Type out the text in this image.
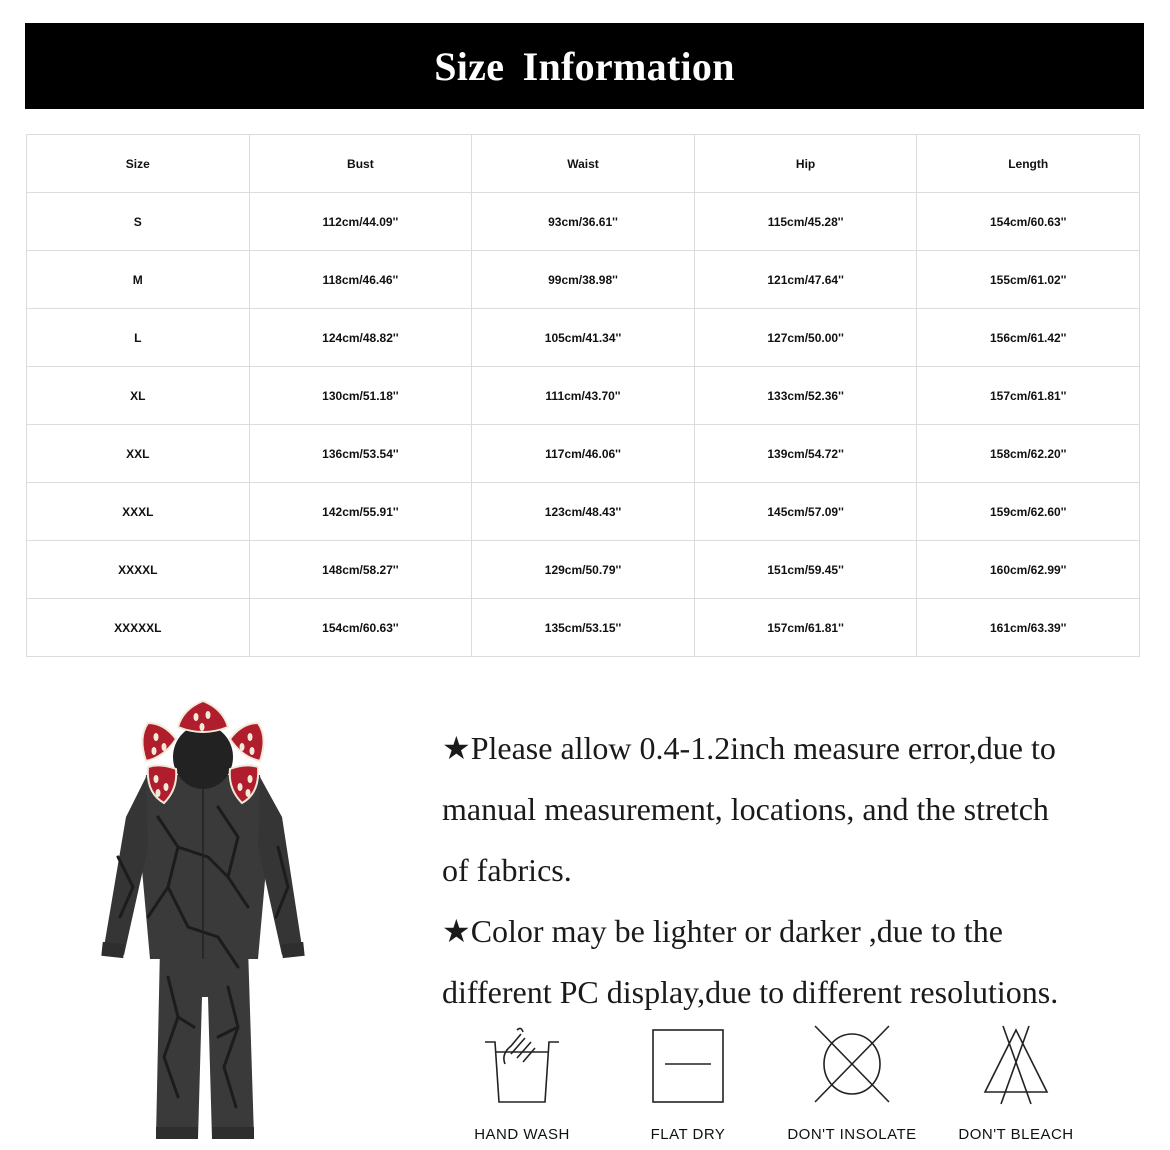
Size Information
Size	Bust	Waist	Hip	Length
S	112cm/44.09''	93cm/36.61''	115cm/45.28''	154cm/60.63''
M	118cm/46.46''	99cm/38.98''	121cm/47.64''	155cm/61.02''
L	124cm/48.82''	105cm/41.34''	127cm/50.00''	156cm/61.42''
XL	130cm/51.18''	111cm/43.70''	133cm/52.36''	157cm/61.81''
XXL	136cm/53.54''	117cm/46.06''	139cm/54.72''	158cm/62.20''
XXXL	142cm/55.91''	123cm/48.43''	145cm/57.09''	159cm/62.60''
XXXXL	148cm/58.27''	129cm/50.79''	151cm/59.45''	160cm/62.99''
XXXXXL	154cm/60.63''	135cm/53.15''	157cm/61.81''	161cm/63.39''
★Please allow 0.4-1.2inch measure error,due to
manual measurement, locations, and the stretch
of fabrics.
★Color may be lighter or darker ,due to the
different PC display,due to different resolutions.
HAND WASH	FLAT DRY	DON'T INSOLATE	DON'T BLEACH
